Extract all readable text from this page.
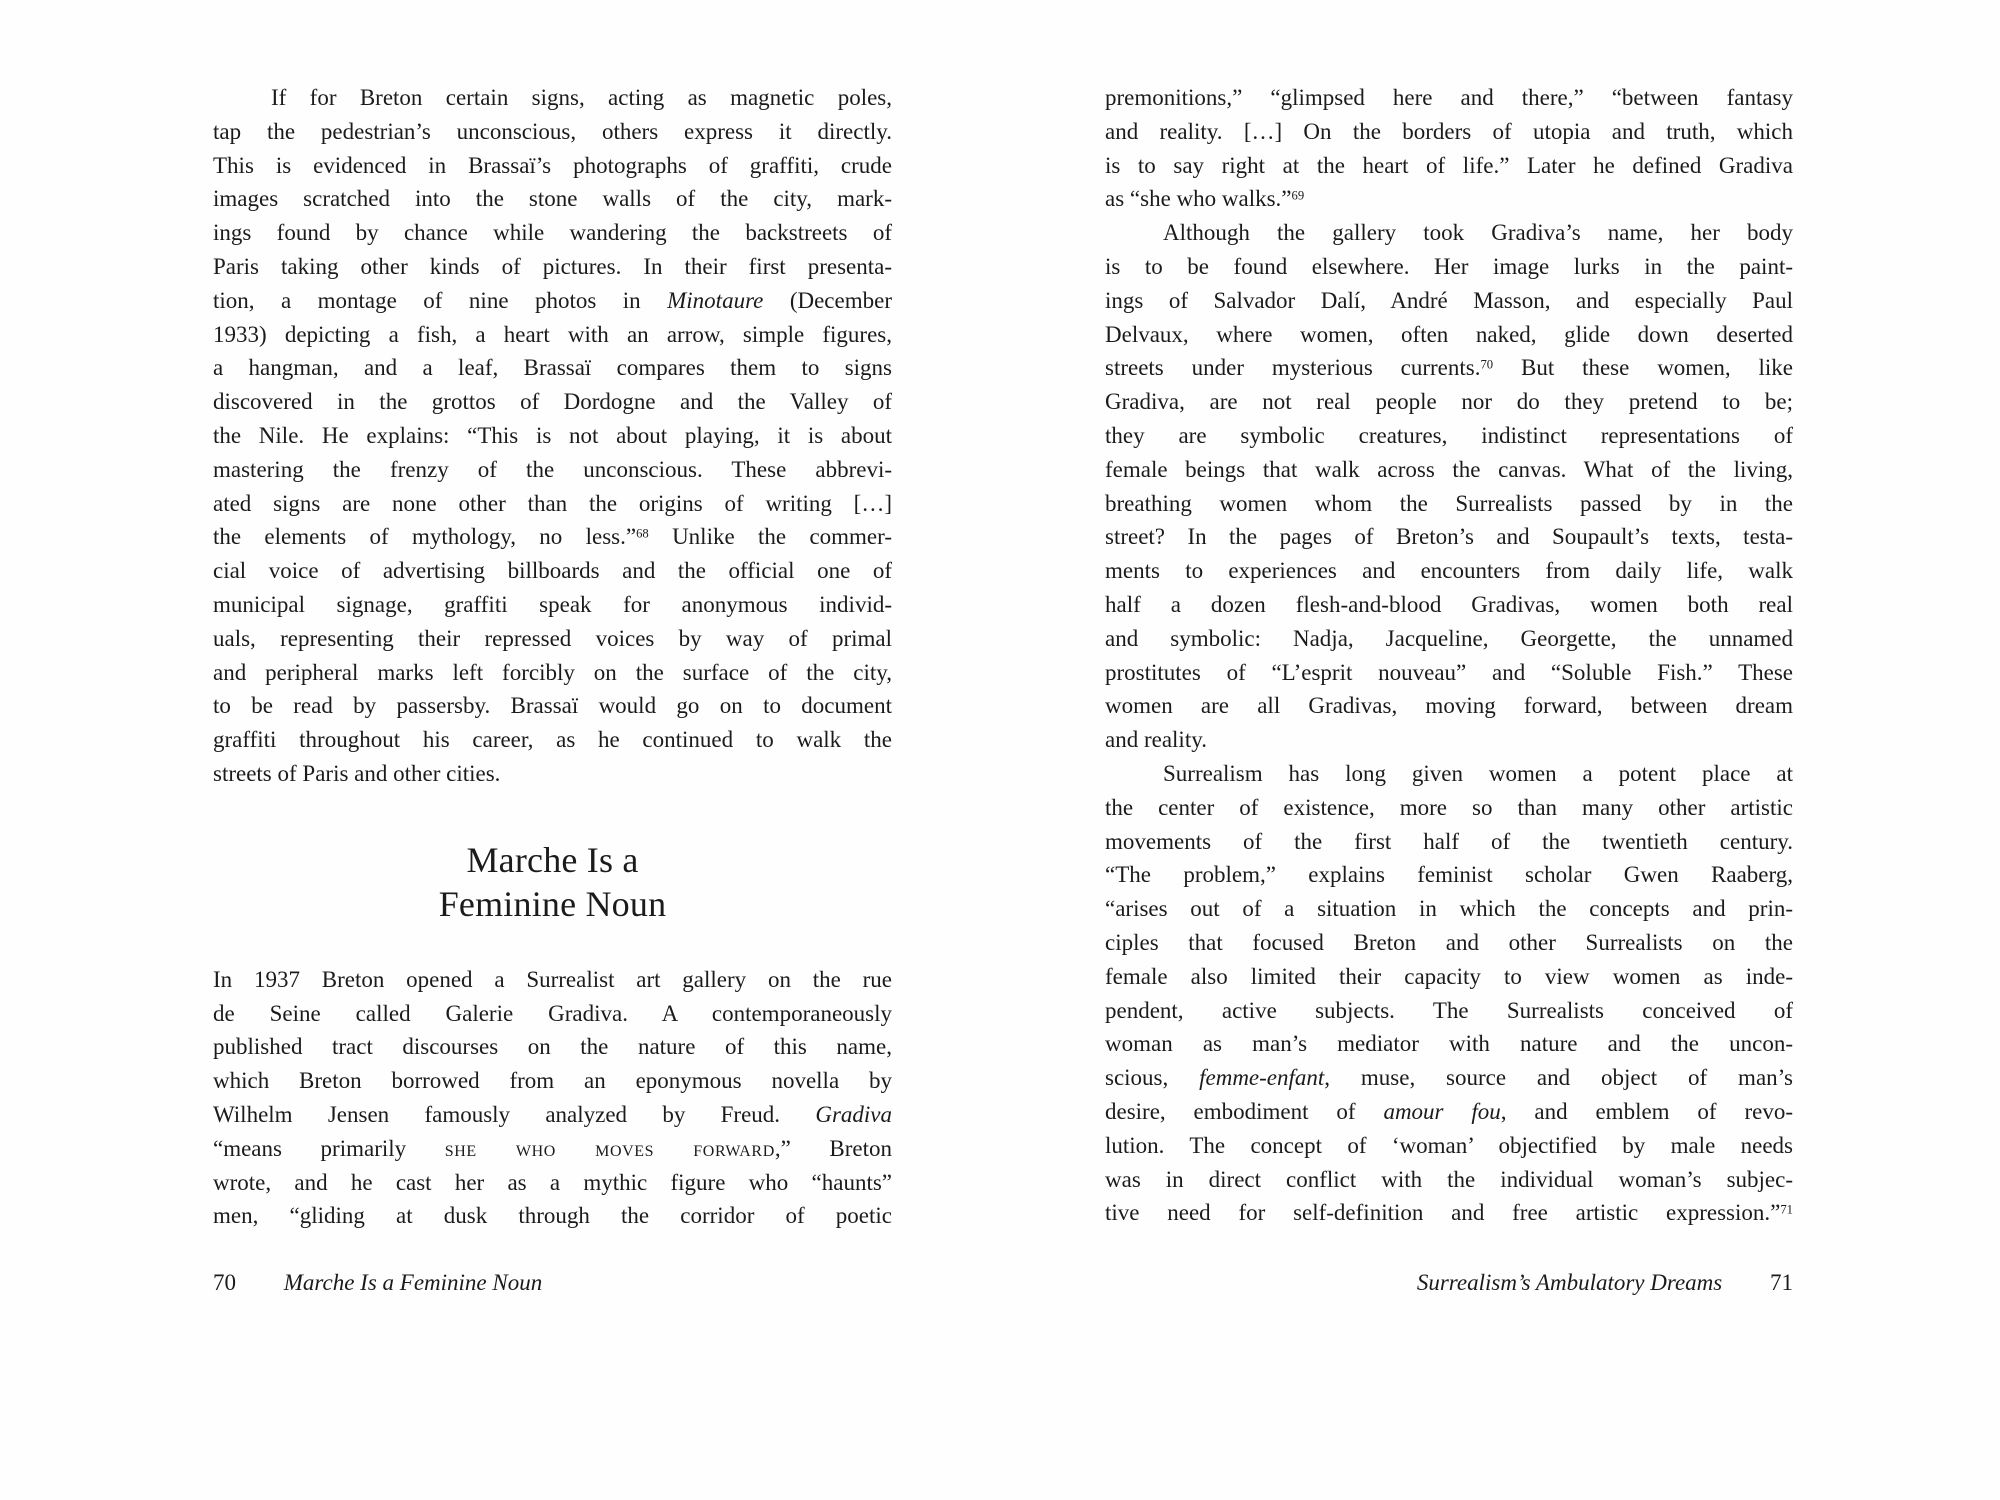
If for Breton certain signs, acting as magnetic poles,
tap the pedestrian’s unconscious, others express it directly.
This is evidenced in Brassaï’s photographs of graffiti, crude
images scratched into the stone walls of the city, mark-
ings found by chance while wandering the backstreets of
Paris taking other kinds of pictures. In their first presenta-
tion, a montage of nine photos in Minotaure (December
1933) depicting a fish, a heart with an arrow, simple figures,
a hangman, and a leaf, Brassaï compares them to signs
discovered in the grottos of Dordogne and the Valley of
the Nile. He explains: “This is not about playing, it is about
mastering the frenzy of the unconscious. These abbrevi-
ated signs are none other than the origins of writing […]
the elements of mythology, no less.”$^{68}$ Unlike the commer-
cial voice of advertising billboards and the official one of
municipal signage, graffiti speak for anonymous individ-
uals, representing their repressed voices by way of primal
and peripheral marks left forcibly on the surface of the city,
to be read by passersby. Brassaï would go on to document
graffiti throughout his career, as he continued to walk the
streets of Paris and other cities.
Marche Is a
Feminine Noun
In 1937 Breton opened a Surrealist art gallery on the rue
de Seine called Galerie Gradiva. A contemporaneously
published tract discourses on the nature of this name,
which Breton borrowed from an eponymous novella by
Wilhelm Jensen famously analyzed by Freud. Gradiva
“means primarily she who moves forward,” Breton
wrote, and he cast her as a mythic figure who “haunts”
men, “gliding at dusk through the corridor of poetic
70 Marche Is a Feminine Noun
premonitions,” “glimpsed here and there,” “between fantasy
and reality. […] On the borders of utopia and truth, which
is to say right at the heart of life.” Later he defined Gradiva
as “she who walks.”$^{69}$
Although the gallery took Gradiva’s name, her body
is to be found elsewhere. Her image lurks in the paint-
ings of Salvador Dalí, André Masson, and especially Paul
Delvaux, where women, often naked, glide down deserted
streets under mysterious currents.$^{70}$ But these women, like
Gradiva, are not real people nor do they pretend to be;
they are symbolic creatures, indistinct representations of
female beings that walk across the canvas. What of the living,
breathing women whom the Surrealists passed by in the
street? In the pages of Breton’s and Soupault’s texts, testa-
ments to experiences and encounters from daily life, walk
half a dozen flesh-and-blood Gradivas, women both real
and symbolic: Nadja, Jacqueline, Georgette, the unnamed
prostitutes of “L’esprit nouveau” and “Soluble Fish.” These
women are all Gradivas, moving forward, between dream
and reality.
Surrealism has long given women a potent place at
the center of existence, more so than many other artistic
movements of the first half of the twentieth century.
“The problem,” explains feminist scholar Gwen Raaberg,
“arises out of a situation in which the concepts and prin-
ciples that focused Breton and other Surrealists on the
female also limited their capacity to view women as inde-
pendent, active subjects. The Surrealists conceived of
woman as man’s mediator with nature and the uncon-
scious, femme-enfant, muse, source and object of man’s
desire, embodiment of amour fou, and emblem of revo-
lution. The concept of ‘woman’ objectified by male needs
was in direct conflict with the individual woman’s subjec-
tive need for self-definition and free artistic expression.”$^{71}$
Surrealism’s Ambulatory Dreams 71
